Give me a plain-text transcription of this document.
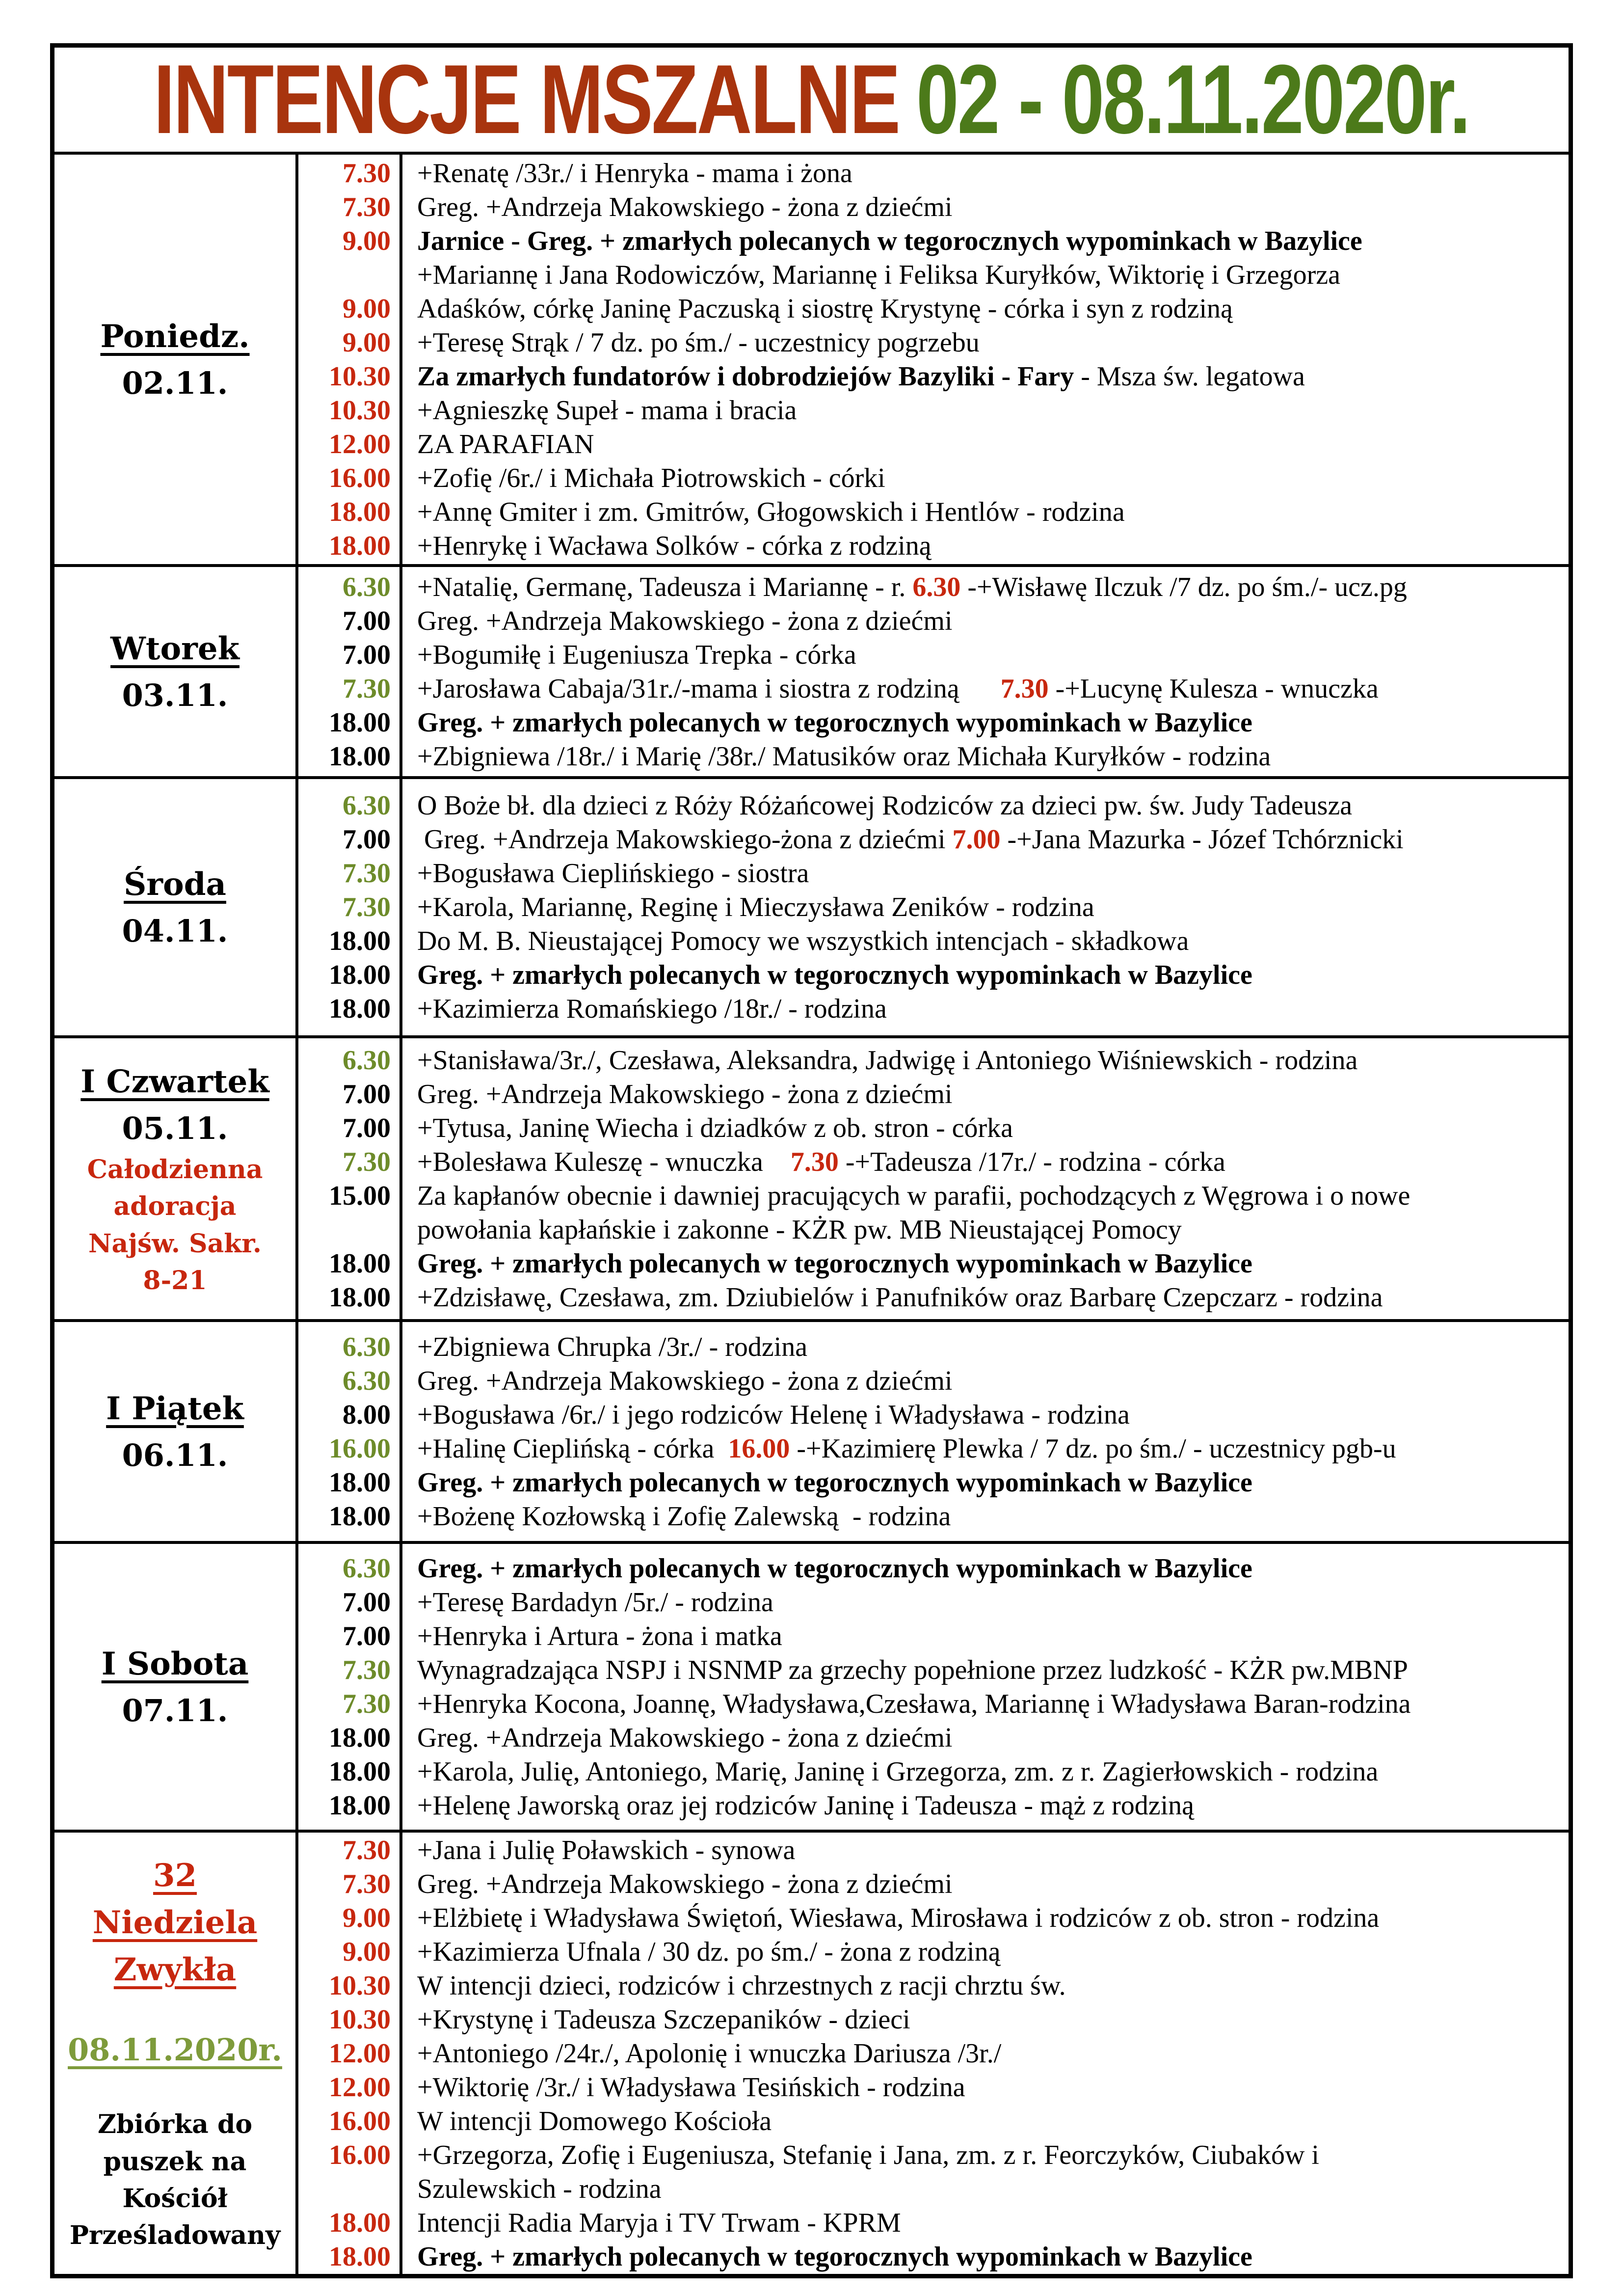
INTENCJE MSZALNE 02 - 08.11.2020r.
Poniedz.
02.11.
7.30 +Renatę /33r./ i Henryka - mama i żona
7.30 Greg. +Andrzeja Makowskiego - żona z dziećmi
9.00 Jarnice - Greg. + zmarłych polecanych w tegorocznych wypominkach w Bazylice
+Mariannę i Jana Rodowiczów, Mariannę i Feliksa Kuryłków, Wiktorię i Grzegorza
9.00 Adaśków, córkę Janinę Paczuską i siostrę Krystynę - córka i syn z rodziną
9.00 +Teresę Strąk / 7 dz. po śm./ - uczestnicy pogrzebu
10.30 Za zmarłych fundatorów i dobrodziejów Bazyliki - Fary - Msza św. legatowa
10.30 +Agnieszkę Supeł - mama i bracia
12.00 ZA PARAFIAN
16.00 +Zofię /6r./ i Michała Piotrowskich - córki
18.00 +Annę Gmiter i zm. Gmitrów, Głogowskich i Hentlów - rodzina
18.00 +Henrykę i Wacława Solków - córka z rodziną
Wtorek
03.11.
6.30 +Natalię, Germanę, Tadeusza i Mariannę - r. 6.30 -+Wisławę Ilczuk /7 dz. po śm./- ucz.pg
7.00 Greg. +Andrzeja Makowskiego - żona z dziećmi
7.00 +Bogumiłę i Eugeniusza Trepka - córka
7.30 +Jarosława Cabaja/31r./-mama i siostra z rodziną      7.30 -+Lucynę Kulesza - wnuczka
18.00 Greg. + zmarłych polecanych w tegorocznych wypominkach w Bazylice
18.00 +Zbigniewa /18r./ i Marię /38r./ Matusików oraz Michała Kuryłków - rodzina
Środa
04.11.
6.30 O Boże bł. dla dzieci z Róży Różańcowej Rodziców za dzieci pw. św. Judy Tadeusza
7.00 Greg. +Andrzeja Makowskiego-żona z dziećmi 7.00 -+Jana Mazurka - Józef Tchórznicki
7.30 +Bogusława Cieplińskiego - siostra
7.30 +Karola, Mariannę, Reginę i Mieczysława Zeników - rodzina
18.00 Do M. B. Nieustającej Pomocy we wszystkich intencjach - składkowa
18.00 Greg. + zmarłych polecanych w tegorocznych wypominkach w Bazylice
18.00 +Kazimierza Romańskiego /18r./ - rodzina
I Czwartek
05.11.
Całodzienna
adoracja
Najśw. Sakr.
8-21
6.30 +Stanisława/3r./, Czesława, Aleksandra, Jadwigę i Antoniego Wiśniewskich - rodzina
7.00 Greg. +Andrzeja Makowskiego - żona z dziećmi
7.00 +Tytusa, Janinę Wiecha i dziadków z ob. stron - córka
7.30 +Bolesława Kuleszę - wnuczka    7.30 -+Tadeusza /17r./ - rodzina - córka
15.00 Za kapłanów obecnie i dawniej pracujących w parafii, pochodzących z Węgrowa i o nowe
powołania kapłańskie i zakonne - KŻR pw. MB Nieustającej Pomocy
18.00 Greg. + zmarłych polecanych w tegorocznych wypominkach w Bazylice
18.00 +Zdzisławę, Czesława, zm. Dziubielów i Panufników oraz Barbarę Czepczarz - rodzina
I Piątek
06.11.
6.30 +Zbigniewa Chrupka /3r./ - rodzina
6.30 Greg. +Andrzeja Makowskiego - żona z dziećmi
8.00 +Bogusława /6r./ i jego rodziców Helenę i Władysława - rodzina
16.00 +Halinę Cieplińską - córka  16.00 -+Kazimierę Plewka / 7 dz. po śm./ - uczestnicy pgb-u
18.00 Greg. + zmarłych polecanych w tegorocznych wypominkach w Bazylice
18.00 +Bożenę Kozłowską i Zofię Zalewską  - rodzina
I Sobota
07.11.
6.30 Greg. + zmarłych polecanych w tegorocznych wypominkach w Bazylice
7.00 +Teresę Bardadyn /5r./ - rodzina
7.00 +Henryka i Artura - żona i matka
7.30 Wynagradzająca NSPJ i NSNMP za grzechy popełnione przez ludzkość - KŻR pw.MBNP
7.30 +Henryka Kocona, Joannę, Władysława,Czesława, Mariannę i Władysława Baran-rodzina
18.00 Greg. +Andrzeja Makowskiego - żona z dziećmi
18.00 +Karola, Julię, Antoniego, Marię, Janinę i Grzegorza, zm. z r. Zagierłowskich - rodzina
18.00 +Helenę Jaworską oraz jej rodziców Janinę i Tadeusza - mąż z rodziną
32
Niedziela
Zwykła
08.11.2020r.
Zbiórka do
puszek na
Kościół
Prześladowany
7.30 +Jana i Julię Poławskich - synowa
7.30 Greg. +Andrzeja Makowskiego - żona z dziećmi
9.00 +Elżbietę i Władysława Świętoń, Wiesława, Mirosława i rodziców z ob. stron - rodzina
9.00 +Kazimierza Ufnala / 30 dz. po śm./ - żona z rodziną
10.30 W intencji dzieci, rodziców i chrzestnych z racji chrztu św.
10.30 +Krystynę i Tadeusza Szczepaników - dzieci
12.00 +Antoniego /24r./, Apolonię i wnuczka Dariusza /3r./
12.00 +Wiktorię /3r./ i Władysława Tesińskich - rodzina
16.00 W intencji Domowego Kościoła
16.00 +Grzegorza, Zofię i Eugeniusza, Stefanię i Jana, zm. z r. Feorczyków, Ciubaków i
Szulewskich - rodzina
18.00 Intencji Radia Maryja i TV Trwam - KPRM
18.00 Greg. + zmarłych polecanych w tegorocznych wypominkach w Bazylice
